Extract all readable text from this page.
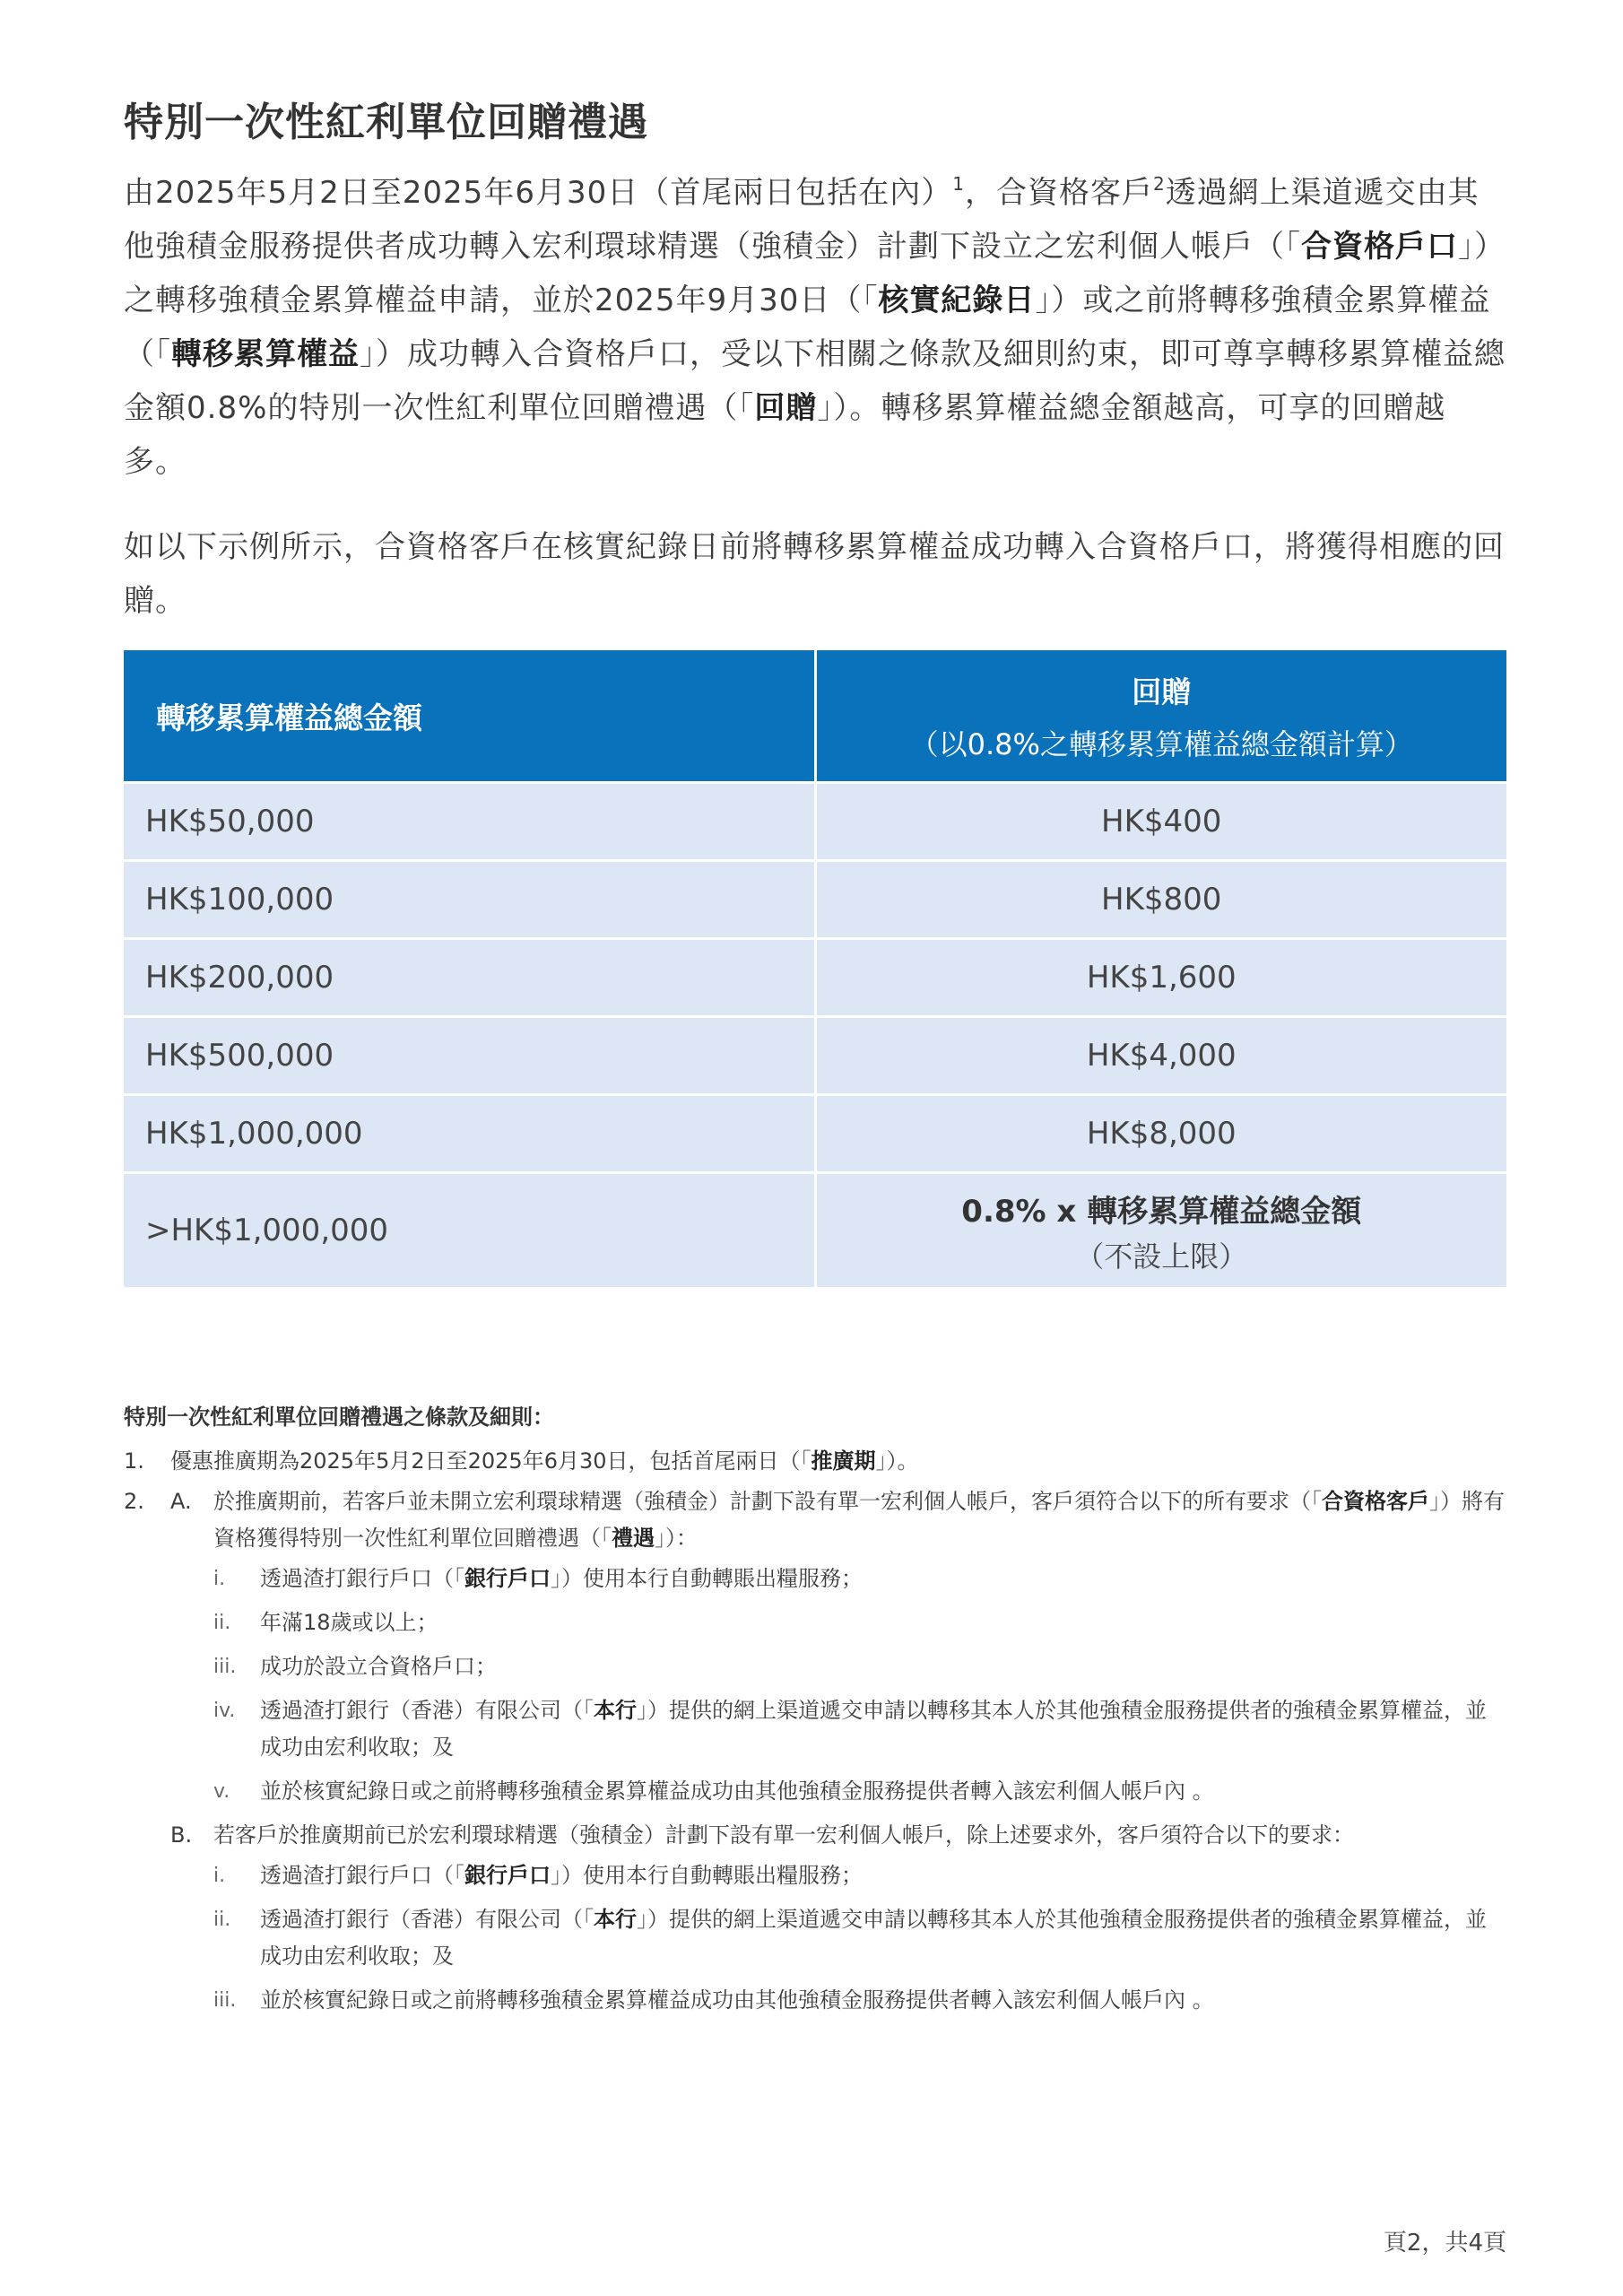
特別一次性紅利單位回贈禮遇

由2025年5月2日至2025年6月30日（首尾兩日包括在內）$^1$，合資格客戶$^2$透過網上渠道遞交由其他強積金服務提供者成功轉入宏利環球精選（強積金）計劃下設立之宏利個人帳戶（「合資格戶口」）之轉移強積金累算權益申請，並於2025年9月30日（「核實紀錄日」）或之前將轉移強積金累算權益（「轉移累算權益」）成功轉入合資格戶口，受以下相關之條款及細則約束，即可尊享轉移累算權益總金額0.8%的特別一次性紅利單位回贈禮遇（「回贈」）。轉移累算權益總金額越高，可享的回贈越多。

如以下示例所示，合資格客戶在核實紀錄日前將轉移累算權益成功轉入合資格戶口，將獲得相應的回贈。

轉移累算權益總金額	回贈
（以0.8%之轉移累算權益總金額計算）

HK$50,000	HK$400
HK$100,000	HK$800
HK$200,000	HK$1,600
HK$500,000	HK$4,000
HK$1,000,000	HK$8,000
>HK$1,000,000	0.8% x 轉移累算權益總金額
（不設上限）
特別一次性紅利單位回贈禮遇之條款及細則：
1. 優惠推廣期為2025年5月2日至2025年6月30日，包括首尾兩日（「推廣期」）。
2.	A.	於推廣期前，若客戶並未開立宏利環球精選（強積金）計劃下設有單一宏利個人帳戶，客戶須符合以下的所有要求（「合資格客戶」）將有資格獲得特別一次性紅利單位回贈禮遇（「禮遇」）：
i.	透過渣打銀行戶口（「銀行戶口」）使用本行自動轉賬出糧服務；
ii.	年滿18歲或以上；
iii.	成功於設立合資格戶口；
iv.	透過渣打銀行（香港）有限公司（「本行」）提供的網上渠道遞交申請以轉移其本人於其他強積金服務提供者的強積金累算權益，並成功由宏利收取；及
v.	並於核實紀錄日或之前將轉移強積金累算權益成功由其他強積金服務提供者轉入該宏利個人帳戶內 。
B. 若客戶於推廣期前已於宏利環球精選（強積金）計劃下設有單一宏利個人帳戶，除上述要求外，客戶須符合以下的要求：
i.	透過渣打銀行戶口（「銀行戶口」）使用本行自動轉賬出糧服務；
ii.	透過渣打銀行（香港）有限公司（「本行」）提供的網上渠道遞交申請以轉移其本人於其他強積金服務提供者的強積金累算權益，並成功由宏利收取；及
iii.	並於核實紀錄日或之前將轉移強積金累算權益成功由其他強積金服務提供者轉入該宏利個人帳戶內 。
頁2，共4頁
